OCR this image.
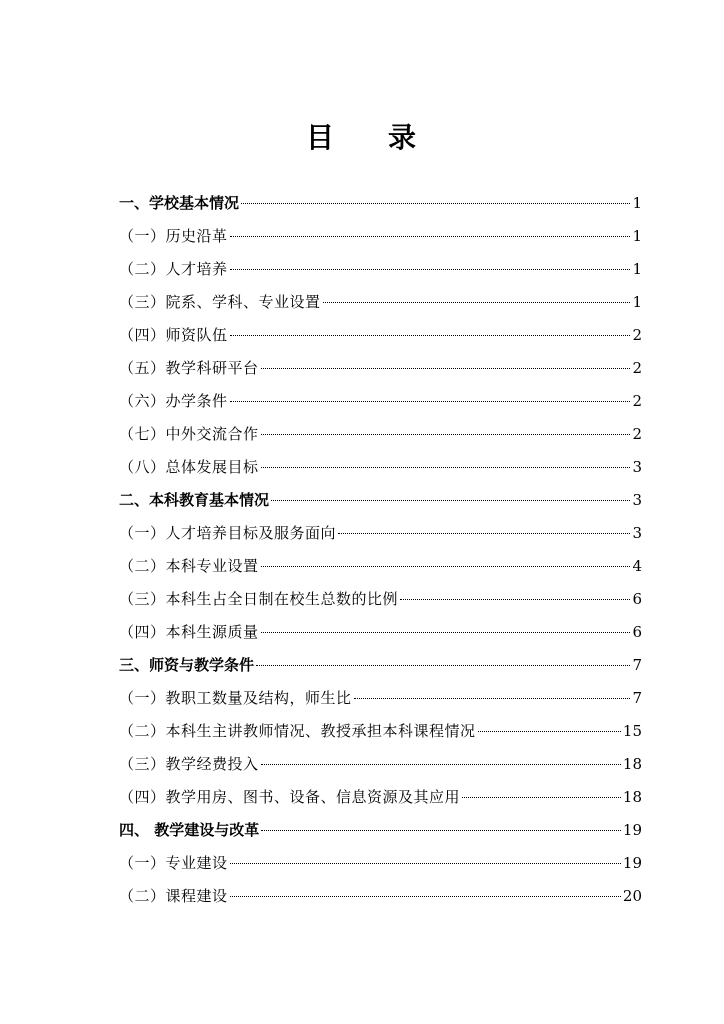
目 录
一、学校基本情况	1
（一）历史沿革	1
（二）人才培养	1
（三）院系、学科、专业设置	1
（四）师资队伍	2
（五）教学科研平台	2
（六）办学条件	2
（七）中外交流合作	2
（八）总体发展目标	3
二、本科教育基本情况	3
（一）人才培养目标及服务面向	3
（二）本科专业设置	4
（三）本科生占全日制在校生总数的比例	6
（四）本科生源质量	6
三、师资与教学条件	7
（一）教职工数量及结构，师生比	7
（二）本科生主讲教师情况、教授承担本科课程情况	15
（三）教学经费投入	18
（四）教学用房、图书、设备、信息资源及其应用	18
四、 教学建设与改革	19
（一）专业建设	19
（二）课程建设	20
